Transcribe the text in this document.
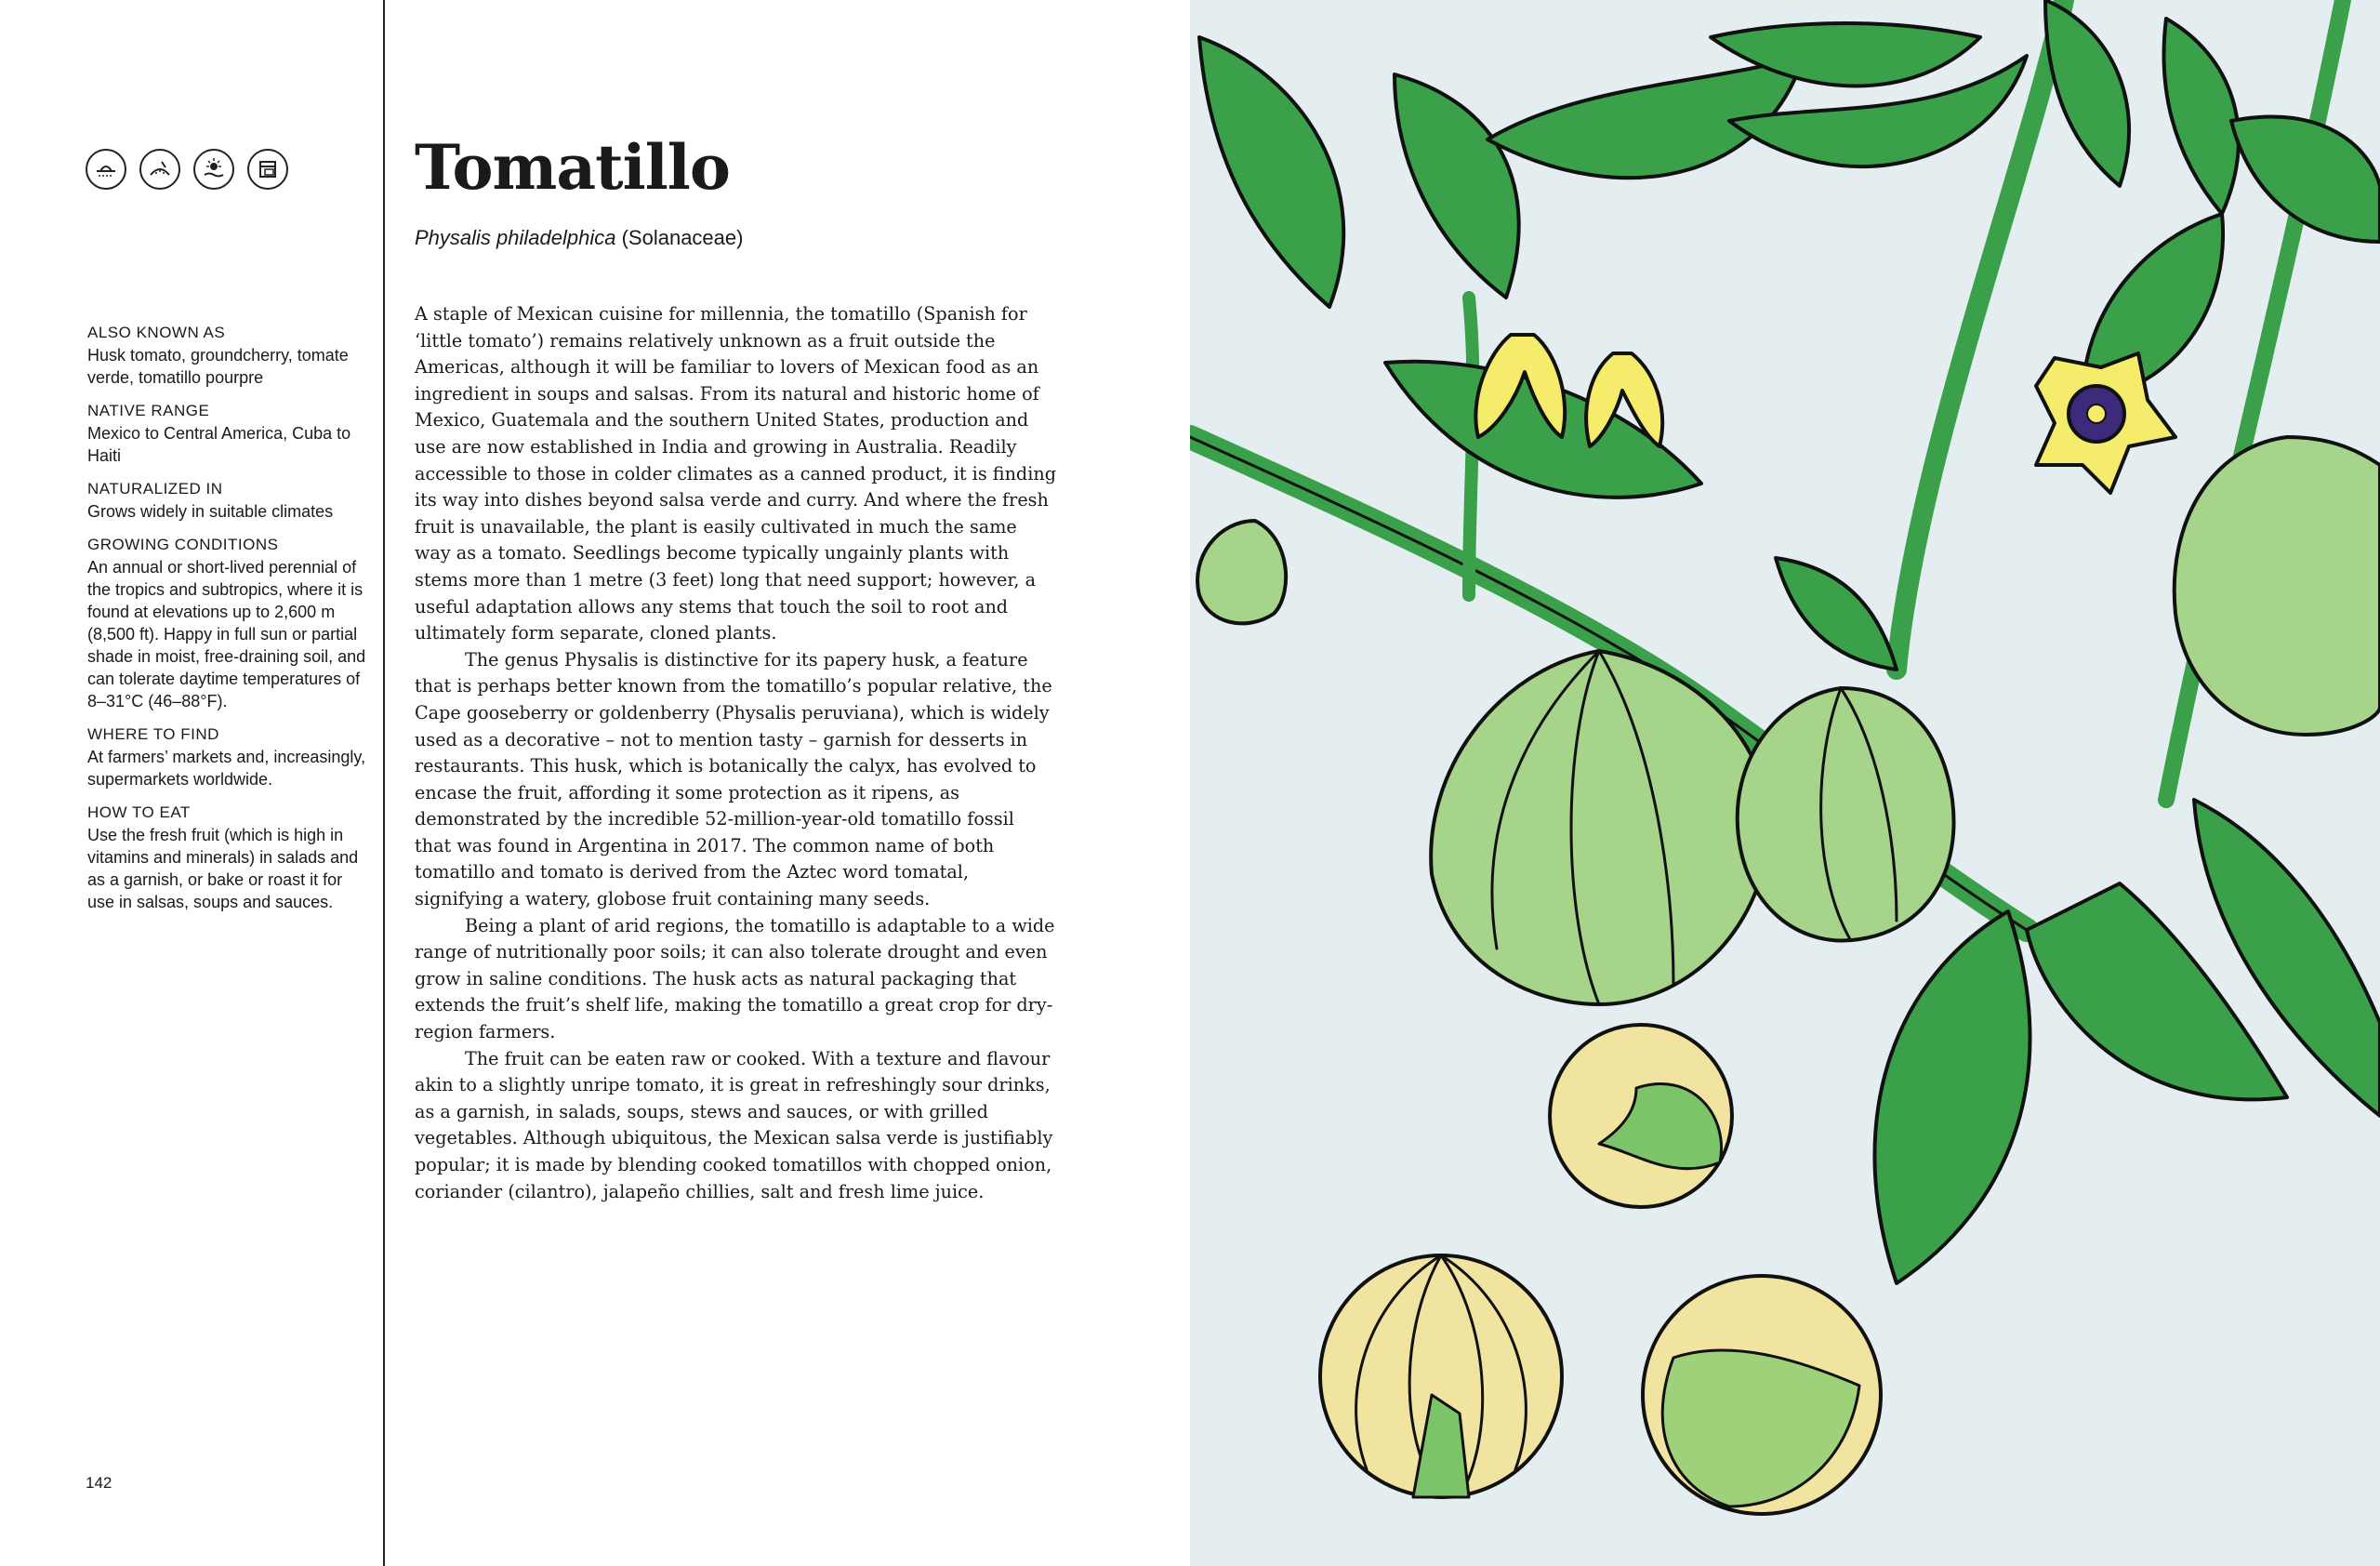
ALSO KNOWN AS
Husk tomato, groundcherry, tomate verde, tomatillo pourpre
NATIVE RANGE
Mexico to Central America, Cuba to Haiti
NATURALIZED IN
Grows widely in suitable climates
GROWING CONDITIONS
An annual or short-lived perennial of the tropics and subtropics, where it is found at elevations up to 2,600 m (8,500 ft). Happy in full sun or partial shade in moist, free-draining soil, and can tolerate daytime temperatures of 8–31°C (46–88°F).
WHERE TO FIND
At farmers’ markets and, increasingly, supermarkets worldwide.
HOW TO EAT
Use the fresh fruit (which is high in vitamins and minerals) in salads and as a garnish, or bake or roast it for use in salsas, soups and sauces.
142
Tomatillo
Physalis philadelphica (Solanaceae)

A staple of Mexican cuisine for millennia, the tomatillo (Spanish for ‘little tomato’) remains relatively unknown as a fruit outside the Americas, although it will be familiar to lovers of Mexican food as an ingredient in soups and salsas. From its natural and historic home of Mexico, Guatemala and the southern United States, production and use are now established in India and growing in Australia. Readily accessible to those in colder climates as a canned product, it is finding its way into dishes beyond salsa verde and curry. And where the fresh fruit is unavailable, the plant is easily cultivated in much the same way as a tomato. Seedlings become typically ungainly plants with stems more than 1 metre (3 feet) long that need support; however, a useful adaptation allows any stems that touch the soil to root and ultimately form separate, cloned plants.

The genus Physalis is distinctive for its papery husk, a feature that is perhaps better known from the tomatillo’s popular relative, the Cape gooseberry or goldenberry (Physalis peruviana), which is widely used as a decorative – not to mention tasty – garnish for desserts in restaurants. This husk, which is botanically the calyx, has evolved to encase the fruit, affording it some protection as it ripens, as demonstrated by the incredible 52-million-year-old tomatillo fossil that was found in Argentina in 2017. The common name of both tomatillo and tomato is derived from the Aztec word tomatal, signifying a watery, globose fruit containing many seeds.

Being a plant of arid regions, the tomatillo is adaptable to a wide range of nutritionally poor soils; it can also tolerate drought and even grow in saline conditions. The husk acts as natural packaging that extends the fruit’s shelf life, making the tomatillo a great crop for dry-region farmers.

The fruit can be eaten raw or cooked. With a texture and flavour akin to a slightly unripe tomato, it is great in refreshingly sour drinks, as a garnish, in salads, soups, stews and sauces, or with grilled vegetables. Although ubiquitous, the Mexican salsa verde is justifiably popular; it is made by blending cooked tomatillos with chopped onion, coriander (cilantro), jalapeño chillies, salt and fresh lime juice.
